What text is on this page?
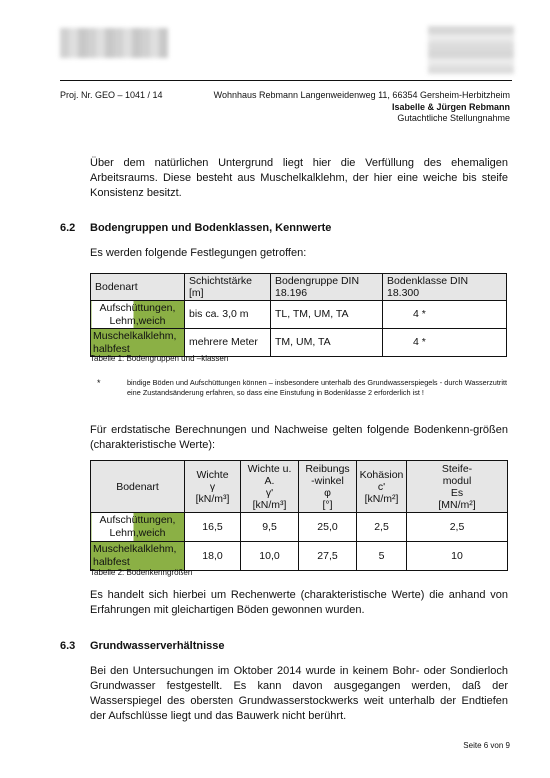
Proj. Nr. GEO – 1041 / 14	Wohnhaus Rebmann Langenweidenweg 11, 66354 Gersheim-Herbitzheim
Isabelle & Jürgen Rebmann
Gutachtliche Stellungnahme

Über dem natürlichen Untergrund liegt hier die Verfüllung des ehemaligen Arbeitsraums. Diese besteht aus Muschelkalklehm, der hier eine weiche bis steife Konsistenz besitzt.

6.2 Bodengruppen und Bodenklassen, Kennwerte

Es werden folgende Festlegungen getroffen:

Bodenart	Schichtstärke [m]	Bodengruppe DIN 18.196	Bodenklasse DIN 18.300
Aufschüttungen, Lehm,weich	bis ca. 3,0 m	TL, TM, UM, TA	4 *
Muschelkalklehm, halbfest	mehrere Meter	TM, UM, TA	4 *
Tabelle 1: Bodengruppen und –klassen
*	bindige Böden und Aufschüttungen können – insbesondere unterhalb des Grundwasserspiegels - durch Wasserzutritt eine Zustandsänderung erfahren, so dass eine Einstufung in Bodenklasse 2 erforderlich ist !

Für erdstatische Berechnungen und Nachweise gelten folgende Bodenkenn-größen (charakteristische Werte):

Bodenart	Wichte
γ
[kN/m³]	Wichte u.
A.
γ'
[kN/m³]	Reibungs
-winkel
φ
[°]	Kohäsion
c'
[kN/m²]	Steife-
modul
Es
[MN/m²]
Aufschüttungen, Lehm,weich	16,5	9,5	25,0	2,5	2,5
Muschelkalklehm, halbfest	18,0	10,0	27,5	5	10
Tabelle 2: Bodenkenngrößen

Es handelt sich hierbei um Rechenwerte (charakteristische Werte) die anhand von Erfahrungen mit gleichartigen Böden gewonnen wurden.

6.3 Grundwasserverhältnisse

Bei den Untersuchungen im Oktober 2014 wurde in keinem Bohr- oder Sondierloch Grundwasser festgestellt. Es kann davon ausgegangen werden, daß der Wasserspiegel des obersten Grundwasserstockwerks weit unterhalb der Endtiefen der Aufschlüsse liegt und das Bauwerk nicht berührt.

Seite 6 von 9
